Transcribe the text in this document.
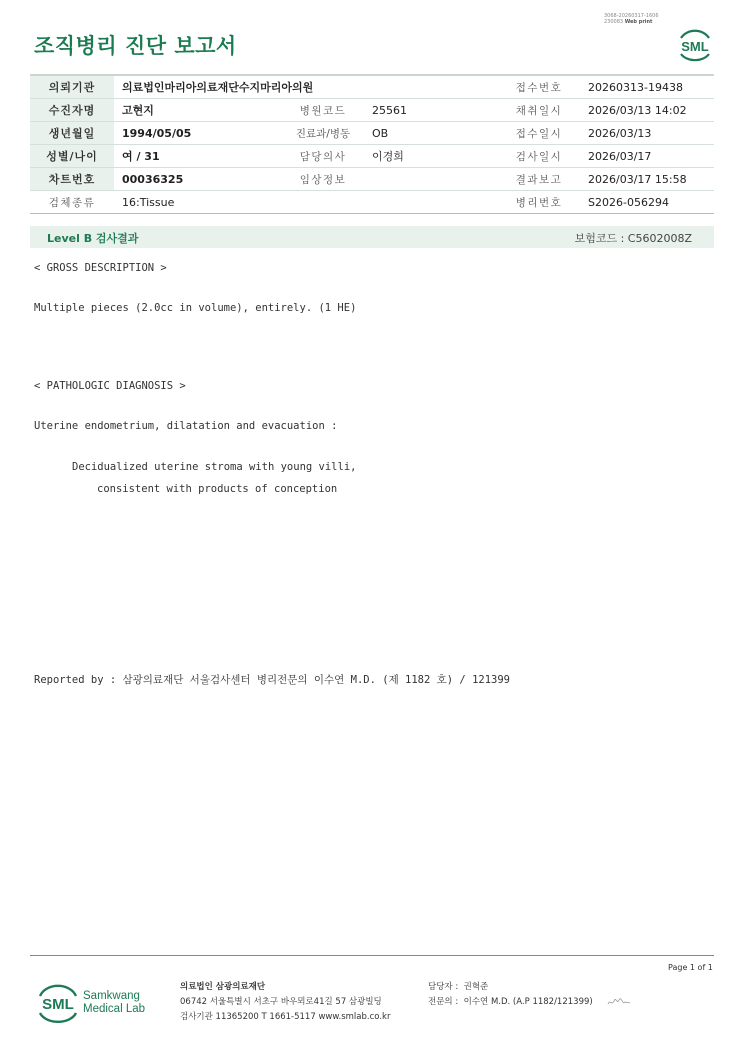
조직병리 진단 보고서
3068-20260317-1606
230083 Web print
SML
의뢰기관	의료법인마리아의료재단수지마리아의원			접수번호	20260313-19438
수진자명	고현지	병원코드	25561	채취일시	2026/03/13 14:02
생년월일	1994/05/05	진료과/병동	OB	접수일시	2026/03/13
성별/나이	여 / 31	담당의사	이경희	검사일시	2026/03/17
차트번호	00036325	임상정보		결과보고	2026/03/17 15:58
검체종류	16:Tissue			병리번호	S2026-056294
Level B 검사결과	보험코드 : C5602008Z
< GROSS DESCRIPTION >
Multiple pieces (2.0cc in volume), entirely. (1 HE)
< PATHOLOGIC DIAGNOSIS >
Uterine endometrium, dilatation and evacuation :
Decidualized uterine stroma with young villi,
consistent with products of conception
Reported by : 삼광의료재단 서울검사센터 병리전문의 이수연 M.D. (제 1182 호) / 121399
Page 1 of 1
SML Samkwang
Medical Lab
의료법인 삼광의료재단
06742 서울특별시 서초구 바우뫼로41길 57 삼광빌딩
검사기관 11365200 T 1661-5117 www.smlab.co.kr
담당자 : 권혁준
전문의 : 이수연 M.D. (A.P 1182/121399)
